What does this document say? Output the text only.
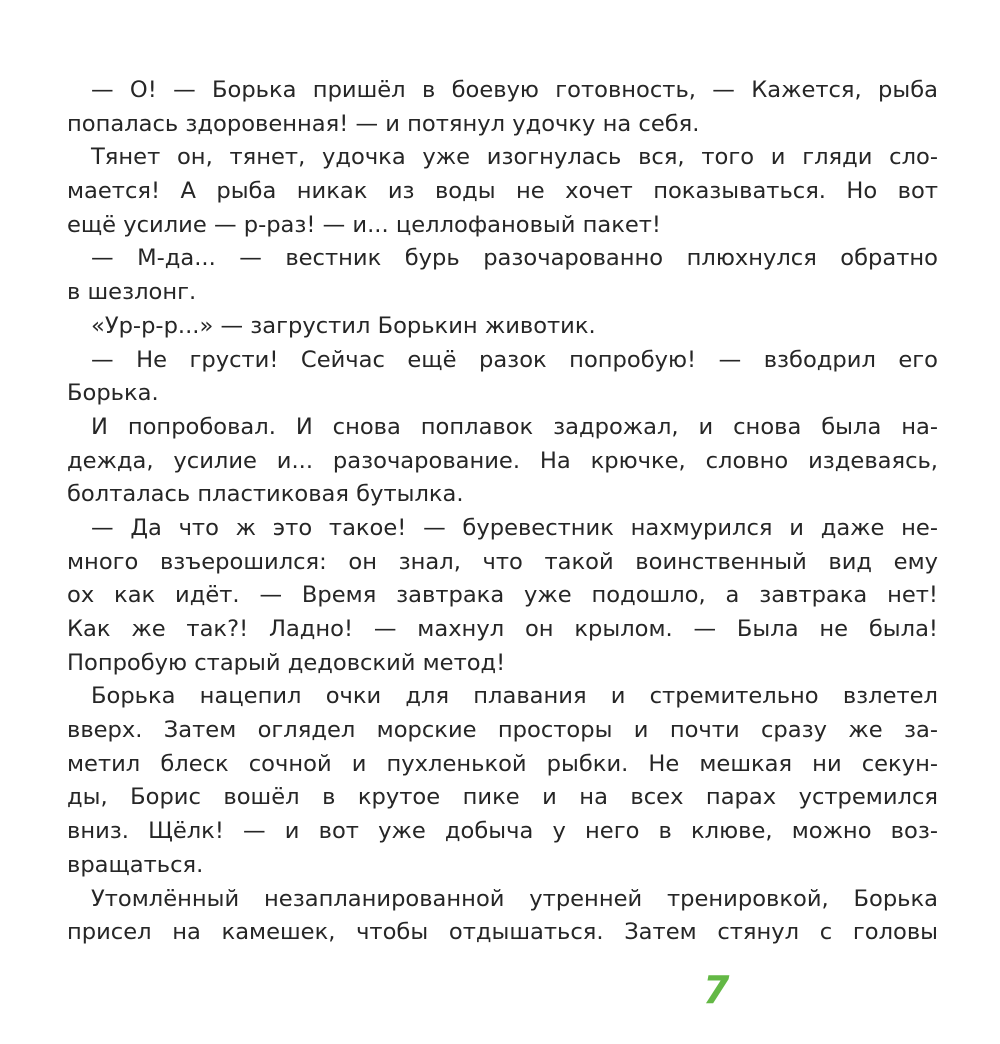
— О! — Борька пришёл в боевую готовность, — Кажется, рыба
попалась здоровенная! — и потянул удочку на себя.
Тянет он, тянет, удочка уже изогнулась вся, того и гляди сло-
мается! А рыба никак из воды не хочет показываться. Но вот
ещё усилие — р-раз! — и... целлофановый пакет!
— М-да... — вестник бурь разочарованно плюхнулся обратно
в шезлонг.
«Ур-р-р...» — загрустил Борькин животик.
— Не грусти! Сейчас ещё разок попробую! — взбодрил его
Борька.
И попробовал. И снова поплавок задрожал, и снова была на-
дежда, усилие и... разочарование. На крючке, словно издеваясь,
болталась пластиковая бутылка.
— Да что ж это такое! — буревестник нахмурился и даже не-
много взъерошился: он знал, что такой воинственный вид ему
ох как идёт. — Время завтрака уже подошло, а завтрака нет!
Как же так?! Ладно! — махнул он крылом. — Была не была!
Попробую старый дедовский метод!
Борька нацепил очки для плавания и стремительно взлетел
вверх. Затем оглядел морские просторы и почти сразу же за-
метил блеск сочной и пухленькой рыбки. Не мешкая ни секун-
ды, Борис вошёл в крутое пике и на всех парах устремился
вниз. Щёлк! — и вот уже добыча у него в клюве, можно воз-
вращаться.
Утомлённый незапланированной утренней тренировкой, Борька
присел на камешек, чтобы отдышаться. Затем стянул с головы
7
